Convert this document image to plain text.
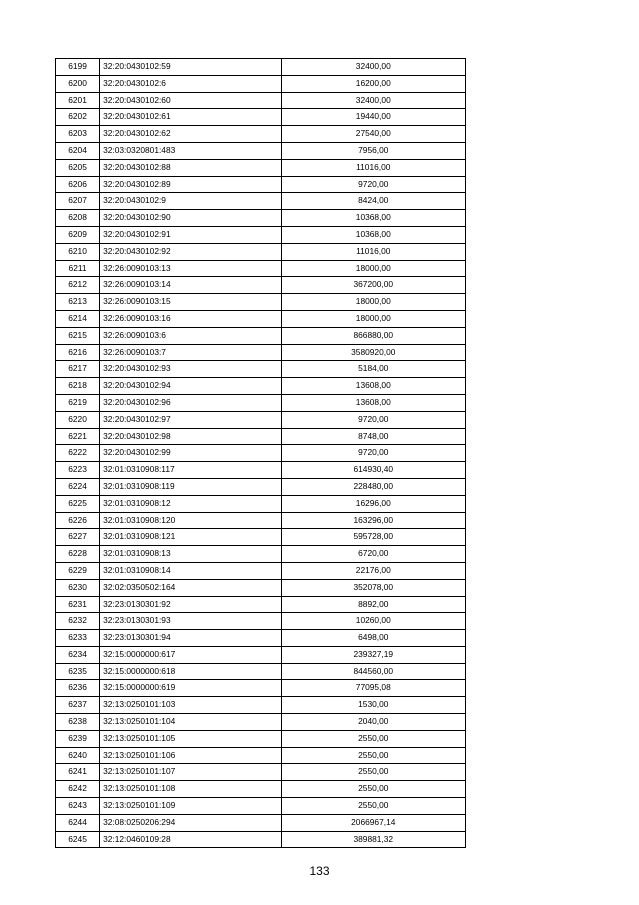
6199	32:20:0430102:59	32400,00
6200	32:20:0430102:6	16200,00
6201	32:20:0430102:60	32400,00
6202	32:20:0430102:61	19440,00
6203	32:20:0430102:62	27540,00
6204	32:03:0320801:483	7956,00
6205	32:20:0430102:88	11016,00
6206	32:20:0430102:89	9720,00
6207	32:20:0430102:9	8424,00
6208	32:20:0430102:90	10368,00
6209	32:20:0430102:91	10368,00
6210	32:20:0430102:92	11016,00
6211	32:26:0090103:13	18000,00
6212	32:26:0090103:14	367200,00
6213	32:26:0090103:15	18000,00
6214	32:26:0090103:16	18000,00
6215	32:26:0090103:6	866880,00
6216	32:26:0090103:7	3580920,00
6217	32:20:0430102:93	5184,00
6218	32:20:0430102:94	13608,00
6219	32:20:0430102:96	13608,00
6220	32:20:0430102:97	9720,00
6221	32:20:0430102:98	8748,00
6222	32:20:0430102:99	9720,00
6223	32:01:0310908:117	614930,40
6224	32:01:0310908:119	228480,00
6225	32:01:0310908:12	16296,00
6226	32:01:0310908:120	163296,00
6227	32:01:0310908:121	595728,00
6228	32:01:0310908:13	6720,00
6229	32:01:0310908:14	22176,00
6230	32:02:0350502:164	352078,00
6231	32:23:0130301:92	8892,00
6232	32:23:0130301:93	10260,00
6233	32:23:0130301:94	6498,00
6234	32:15:0000000:617	239327,19
6235	32:15:0000000:618	844560,00
6236	32:15:0000000:619	77095,08
6237	32:13:0250101:103	1530,00
6238	32:13:0250101:104	2040,00
6239	32:13:0250101:105	2550,00
6240	32:13:0250101:106	2550,00
6241	32:13:0250101:107	2550,00
6242	32:13:0250101:108	2550,00
6243	32:13:0250101:109	2550,00
6244	32:08:0250206:294	2066967,14
6245	32:12:0460109:28	389881,32
133
